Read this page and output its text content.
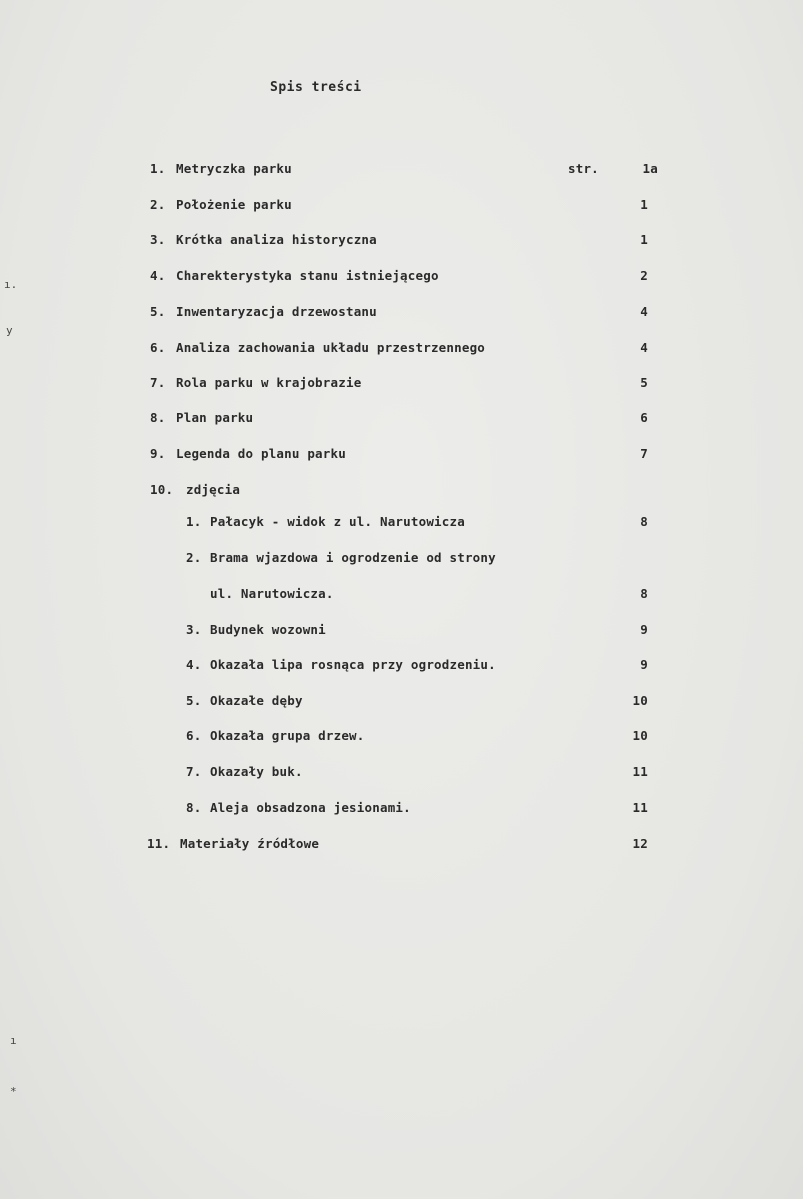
Spis treści
1. Metryczka parku	str.	1a
2. Położenie parku	1
3. Krótka analiza historyczna	1
4. Charekterystyka stanu istniejącego	2
5. Inwentaryzacja drzewostanu	4
6. Analiza zachowania układu przestrzennego	4
7. Rola parku w krajobrazie	5
8. Plan parku	6
9. Legenda do planu parku	7
10. zdjęcia
1. Pałacyk - widok z ul. Narutowicza	8
2. Brama wjazdowa i ogrodzenie od strony
ul. Narutowicza.	8
3. Budynek wozowni	9
4. Okazała lipa rosnąca przy ogrodzeniu.	9
5. Okazałe dęby	10
6. Okazała grupa drzew.	10
7. Okazały buk.	11
8. Aleja obsadzona jesionami.	11
11. Materiały źródłowe	12
ı.
y
ı
*
